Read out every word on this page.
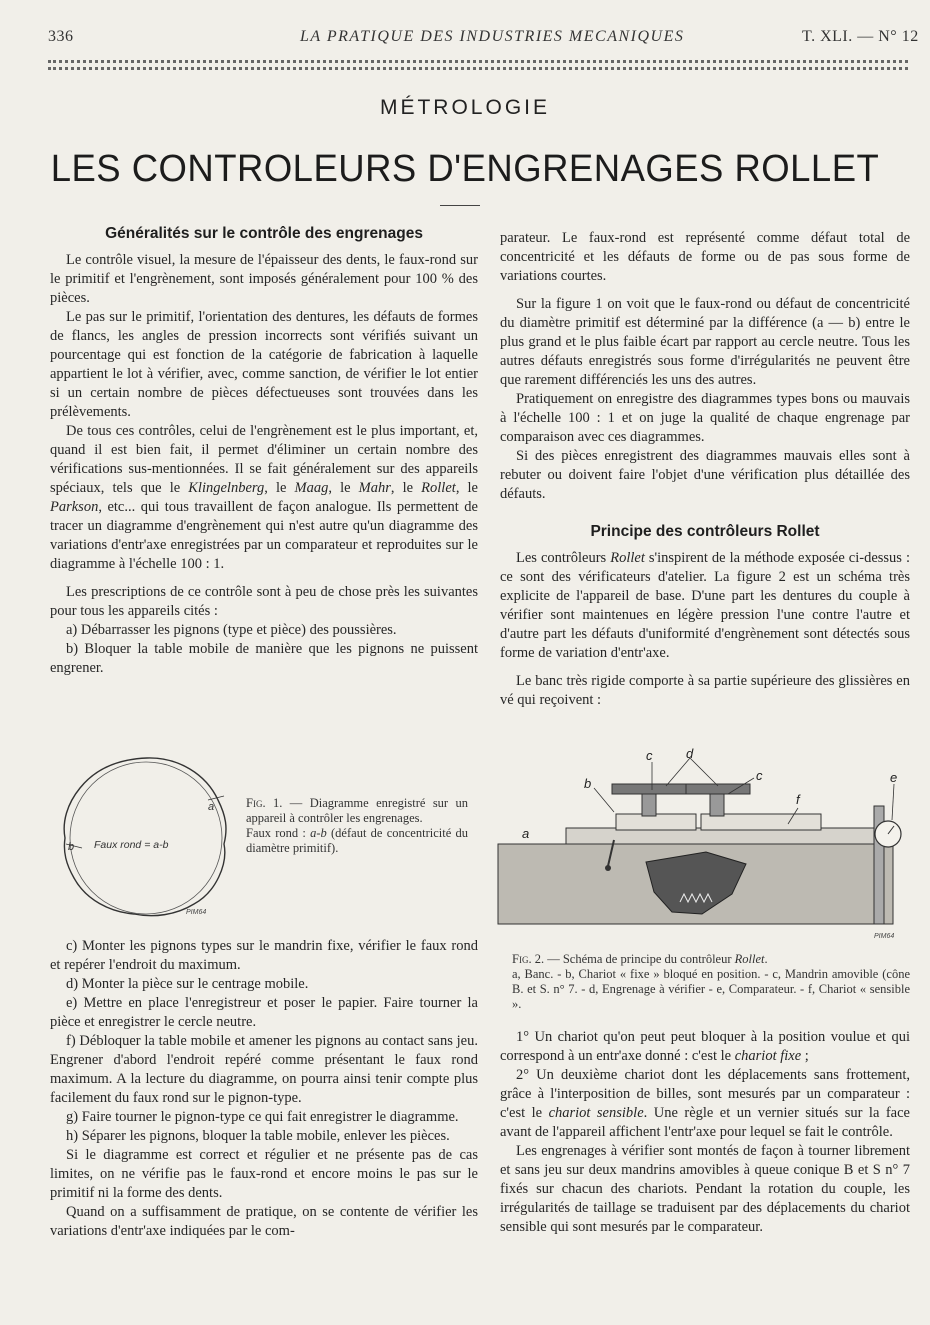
336	LA PRATIQUE DES INDUSTRIES MECANIQUES	T. XLI. — N° 12
MÉTROLOGIE
LES CONTROLEURS D'ENGRENAGES ROLLET
Généralités sur le contrôle des engrenages

Le contrôle visuel, la mesure de l'épaisseur des dents, le faux-rond sur le primitif et l'engrènement, sont imposés généralement pour 100 % des pièces.

Le pas sur le primitif, l'orientation des dentures, les défauts de formes de flancs, les angles de pression incorrects sont vérifiés suivant un pourcentage qui est fonction de la catégorie de fabrication à laquelle appartient le lot à vérifier, avec, comme sanction, de vérifier le lot entier si un certain nombre de pièces défectueuses sont trouvées dans les prélèvements.

De tous ces contrôles, celui de l'engrènement est le plus important, et, quand il est bien fait, il permet d'éliminer un certain nombre des vérifications sus-mentionnées. Il se fait généralement sur des appareils spéciaux, tels que le Klingelnberg, le Maag, le Mahr, le Rollet, le Parkson, etc... qui tous travaillent de façon analogue. Ils permettent de tracer un diagramme d'engrènement qui n'est autre qu'un diagramme des variations d'entr'axe enregistrées par un comparateur et reproduites sur le diagramme à l'échelle 100 : 1.

Les prescriptions de ce contrôle sont à peu de chose près les suivantes pour tous les appareils cités :

a) Débarrasser les pignons (type et pièce) des poussières.

b) Bloquer la table mobile de manière que les pignons ne puissent engrener.

a
b Faux rond = a-b
PIM64
Fig. 1. — Diagramme enregistré sur un appareil à contrôler les engrenages.
Faux rond : a-b (défaut de concentricité du diamètre primitif).

c) Monter les pignons types sur le mandrin fixe, vérifier le faux rond et repérer l'endroit du maximum.

d) Monter la pièce sur le centrage mobile.

e) Mettre en place l'enregistreur et poser le papier. Faire tourner la pièce et enregistrer le cercle neutre.

f) Débloquer la table mobile et amener les pignons au contact sans jeu. Engrener d'abord l'endroit repéré comme présentant le faux rond maximum. A la lecture du diagramme, on pourra ainsi tenir compte plus facilement du faux rond sur le pignon-type.

g) Faire tourner le pignon-type ce qui fait enregistrer le diagramme.

h) Séparer les pignons, bloquer la table mobile, enlever les pièces.

Si le diagramme est correct et régulier et ne présente pas de cas limites, on ne vérifie pas le faux-rond et encore moins le pas sur le primitif ni la forme des dents.

Quand on a suffisamment de pratique, on se contente de vérifier les variations d'entr'axe indiquées par le com-

parateur. Le faux-rond est représenté comme défaut total de concentricité et les défauts de forme ou de pas sous forme de variations courtes.

Sur la figure 1 on voit que le faux-rond ou défaut de concentricité du diamètre primitif est déterminé par la différence (a — b) entre le plus grand et le plus faible écart par rapport au cercle neutre. Tous les autres défauts enregistrés sous forme d'irrégularités ne peuvent être que rarement différenciés les uns des autres.

Pratiquement on enregistre des diagrammes types bons ou mauvais à l'échelle 100 : 1 et on juge la qualité de chaque engrenage par comparaison avec ces diagrammes.

Si des pièces enregistrent des diagrammes mauvais elles sont à rebuter ou doivent faire l'objet d'une vérification plus détaillée des défauts.

Principe des contrôleurs Rollet

Les contrôleurs Rollet s'inspirent de la méthode exposée ci-dessus : ce sont des vérificateurs d'atelier. La figure 2 est un schéma très explicite de l'appareil de base. D'une part les dentures du couple à vérifier sont maintenues en légère pression l'une contre l'autre et d'autre part les défauts d'uniformité d'engrènement sont détectés sous forme de variation d'entr'axe.

Le banc très rigide comporte à sa partie supérieure des glissières en vé qui reçoivent :

c	d
c
b
f
e
a
PIM64
Fig. 2. — Schéma de principe du contrôleur Rollet.
a, Banc. - b, Chariot « fixe » bloqué en position. - c, Mandrin amovible (cône B. et S. n° 7. - d, Engrenage à vérifier - e, Comparateur. - f, Chariot « sensible ».

1° Un chariot qu'on peut peut bloquer à la position voulue et qui correspond à un entr'axe donné : c'est le chariot fixe ;

2° Un deuxième chariot dont les déplacements sans frottement, grâce à l'interposition de billes, sont mesurés par un comparateur : c'est le chariot sensible. Une règle et un vernier situés sur la face avant de l'appareil affichent l'entr'axe pour lequel se fait le contrôle.

Les engrenages à vérifier sont montés de façon à tourner librement et sans jeu sur deux mandrins amovibles à queue conique B et S n° 7 fixés sur chacun des chariots. Pendant la rotation du couple, les irrégularités de taillage se traduisent par des déplacements du chariot sensible qui sont mesurés par le comparateur.
